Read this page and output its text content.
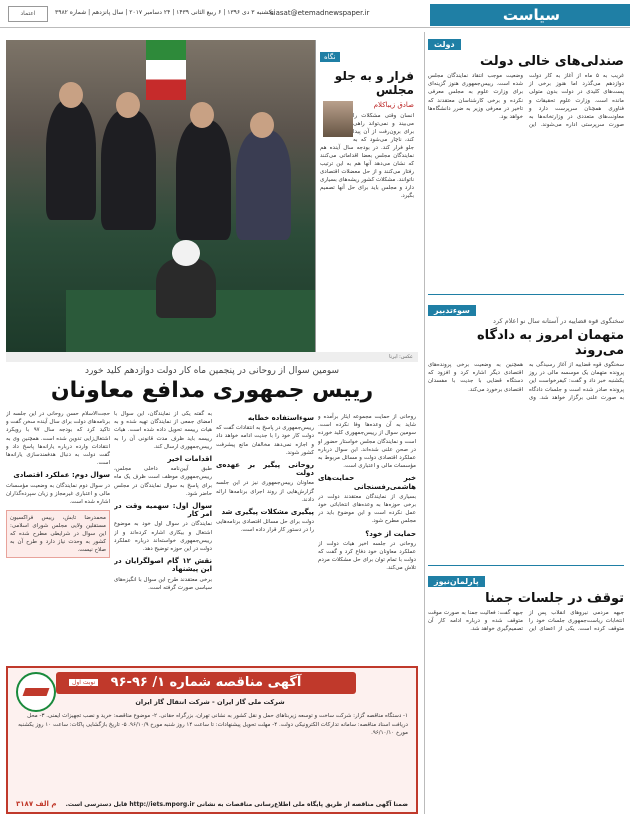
سیاست
siasat@etemadnewspaper.ir
یکشنبه ۳ دی ۱۳۹۶ | ۶ ربیع الثانی ۱۴۳۹ | ۲۴ دسامبر ۲۰۱۷ | سال پانزدهم | شماره ۳۹۸۲
اعتماد
دولت
صندلی‌های خالی دولت
غریب به ۵ ماه از آغاز به کار دولت دوازدهم می‌گذرد اما هنوز برخی از پست‌های کلیدی در دولت بدون متولی مانده است. وزارت علوم تحقیقات و فناوری همچنان سرپرست دارد و معاونت‌های متعددی در وزارتخانه‌ها به صورت سرپرستی اداره می‌شوند. این وضعیت موجب انتقاد نمایندگان مجلس شده است. رییس‌جمهوری هنوز گزینه‌ای برای وزارت علوم به مجلس معرفی نکرده و برخی کارشناسان معتقدند که تاخیر در معرفی وزیر به ضرر دانشگاه‌ها خواهد بود.
سوءتدبیر
سخنگوی قوه قضاییه در آستانه سال نو اعلام کرد
متهمان امروز به دادگاه می‌روند
سخنگوی قوه قضاییه از آغاز رسیدگی به پرونده متهمان یک موسسه مالی در روز یکشنبه خبر داد و گفت: کیفرخواست این پرونده صادر شده است و جلسات دادگاه به صورت علنی برگزار خواهد شد. وی همچنین به وضعیت برخی پرونده‌های اقتصادی دیگر اشاره کرد و افزود که دستگاه قضایی با جدیت با مفسدان اقتصادی برخورد می‌کند.
پارلمان‌نیوز
توقف در جلسات جمنا
جبهه مردمی نیروهای انقلاب پس از انتخابات ریاست‌جمهوری جلسات خود را متوقف کرده است. یکی از اعضای این جبهه گفت: فعالیت جمنا به صورت موقت متوقف شده و درباره ادامه کار آن تصمیم‌گیری خواهد شد.
نگاه
فرار و به جلو مجلس
صادق زیباکلام
انسان وقتی مشکلات را می‌بیند و نمی‌تواند راهی برای برون‌رفت از آن پیدا کند، ناچار می‌شود که به جلو فرار کند. در بودجه سال آینده هم نمایندگان مجلس بعضا اقداماتی می‌کنند که نشان می‌دهد آنها هم به این ترتیب رفتار می‌کنند و از حل معضلات اقتصادی ناتوانند. مشکلات کشور ریشه‌های بسیاری دارد و مجلس باید برای حل آنها تصمیم بگیرد.
عکس: ایرنا
سومین سوال از روحانی در پنجمین ماه کار دولت دوازدهم کلید خورد
رییس جمهوری مدافع معاونان
روحانی از حمایت مجموعه ایثار برآمده و شاید به آن وعده‌ها وفا نکرده است. سومین سوال از رییس‌جمهوری کلید خورده است و نمایندگان مجلس خواستار حضور او در صحن علنی شده‌اند. این سوال درباره عملکرد اقتصادی دولت و مسائل مربوط به مؤسسات مالی و اعتباری است.
خبر حمایت‌های هاشمی‌رفسنجانی
بسیاری از نمایندگان معتقدند دولت در برخی حوزه‌ها به وعده‌های انتخاباتی خود عمل نکرده است و این موضوع باید در مجلس مطرح شود.
حمایت از خود؟
روحانی در جلسه اخیر هیات دولت از عملکرد معاونان خود دفاع کرد و گفت که دولت با تمام توان برای حل مشکلات مردم تلاش می‌کند.
سوءاستفاده خطابه
رییس‌جمهوری در پاسخ به انتقادات گفت که دولت کار خود را با جدیت ادامه خواهد داد و اجازه نمی‌دهد مخالفان مانع پیشرفت کشور شوند.
روحانی پیگیر بر عهده‌ی دولت
معاونان رییس‌جمهوری نیز در این جلسه گزارش‌هایی از روند اجرای برنامه‌ها ارائه دادند.
پیگیری مشکلات پیگیری شد
دولت برای حل مسائل اقتصادی برنامه‌هایی را در دستور کار قرار داده است.
به گفته یکی از نمایندگان، این سوال با امضای جمعی از نمایندگان تهیه شده و به هیات رییسه تحویل داده شده است. هیات رییسه باید ظرف مدت قانونی آن را به رییس‌جمهوری ارسال کند.
اقدامات اخیر
طبق آیین‌نامه داخلی مجلس، رییس‌جمهوری موظف است ظرف یک ماه برای پاسخ به سوال نمایندگان در مجلس حاضر شود.
سوال اول: سهمیه وقت در امر کار
نمایندگان در سوال اول خود به موضوع اشتغال و بیکاری اشاره کرده‌اند و از رییس‌جمهوری خواسته‌اند درباره عملکرد دولت در این حوزه توضیح دهد.
نقش ۱۲ گام اصولگرایان در این پیشنهاد
برخی معتقدند طرح این سوال با انگیزه‌های سیاسی صورت گرفته است.
حجت‌الاسلام حسن روحانی در این جلسه از برنامه‌های دولت برای سال آینده سخن گفت و تاکید کرد که بودجه سال ۹۷ با رویکرد اشتغال‌زایی تدوین شده است. همچنین وی به انتقادات وارده درباره یارانه‌ها پاسخ داد و گفت دولت به دنبال هدفمندسازی یارانه‌ها است.
سوال دوم: عملکرد اقتصادی
در سوال دوم نمایندگان به وضعیت مؤسسات مالی و اعتباری غیرمجاز و زیان سپرده‌گذاران اشاره شده است.
محمدرضا تابش، رییس فراکسیون مستقلین ولایی مجلس شورای اسلامی: این سوال در شرایطی مطرح شده که کشور به وحدت نیاز دارد و طرح آن به صلاح نیست.
آگهی مناقصه شماره ۱/ ۹۶-۹۶
شرکت ملی گاز ایران - شرکت انتقال گاز ایران
۱- دستگاه مناقصه گزار: شرکت ساخت و توسعه زیربناهای حمل و نقل کشور به نشانی تهران، بزرگراه حقانی. ۲- موضوع مناقصه: خرید و نصب تجهیزات ایمنی. ۳- محل دریافت اسناد مناقصه: سامانه تدارکات الکترونیکی دولت. ۴- مهلت تحویل پیشنهادات: تا ساعت ۱۴ روز شنبه مورخ ۹۶/۱۰/۹. ۵- تاریخ بازگشایی پاکات: ساعت ۱۰ روز یکشنبه مورخ ۹۶/۱۰/۱۰.
ضمنا آگهی مناقصه از طریق پایگاه ملی اطلاع‌رسانی مناقصات به نشانی http://iets.mporg.ir قابل دسترسی است.
م الف ۳۱۸۷
نوبت اول
